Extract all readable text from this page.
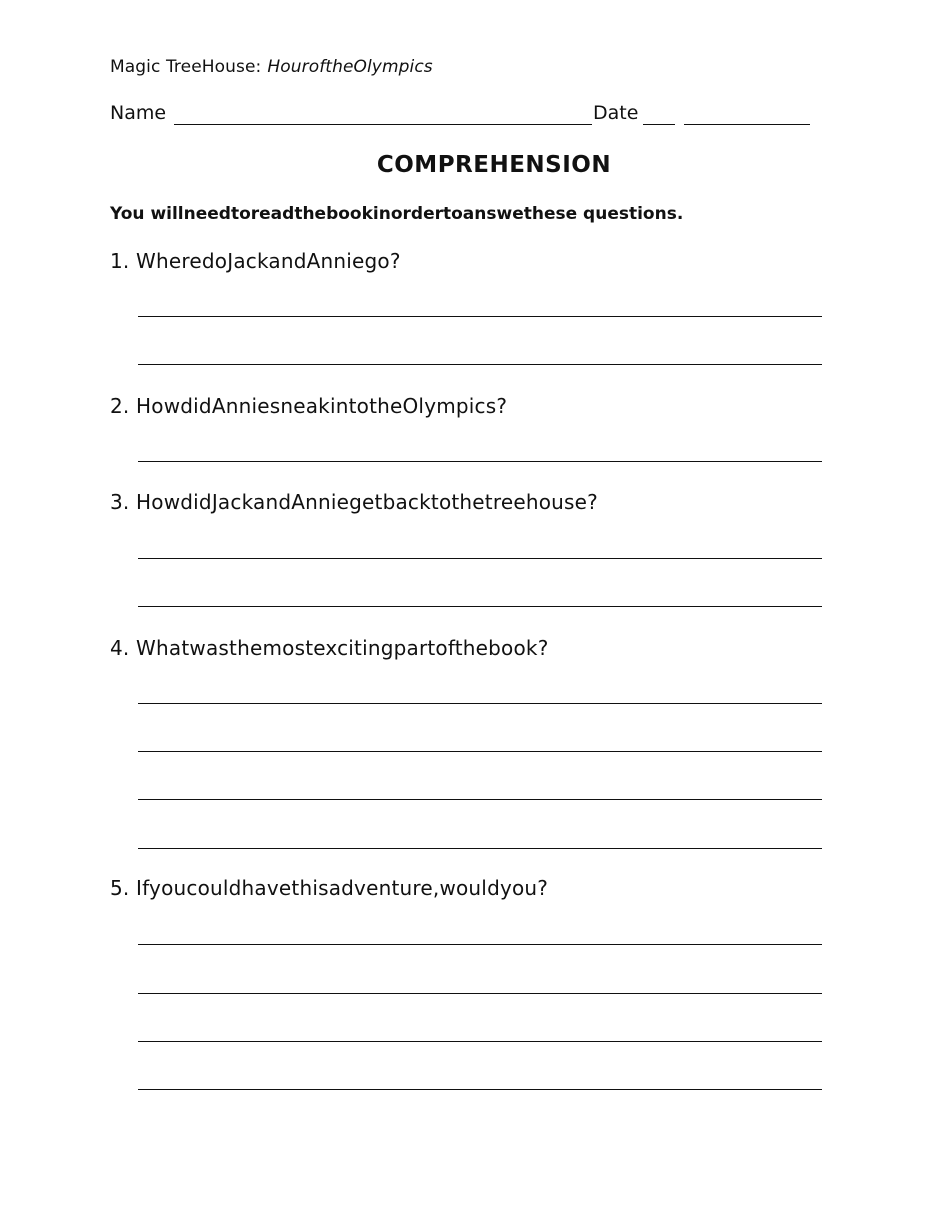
Magic TreeHouse: HouroftheOlympics
Name	Date
COMPREHENSION
You willneedtoreadthebookinordertoanswethese questions.
1. WheredoJackandAnniego?
2. HowdidAnniesneakintotheOlympics?
3. HowdidJackandAnniegetbacktothetreehouse?
4. Whatwasthemostexcitingpartofthebook?
5. Ifyoucouldhavethisadventure,wouldyou?
